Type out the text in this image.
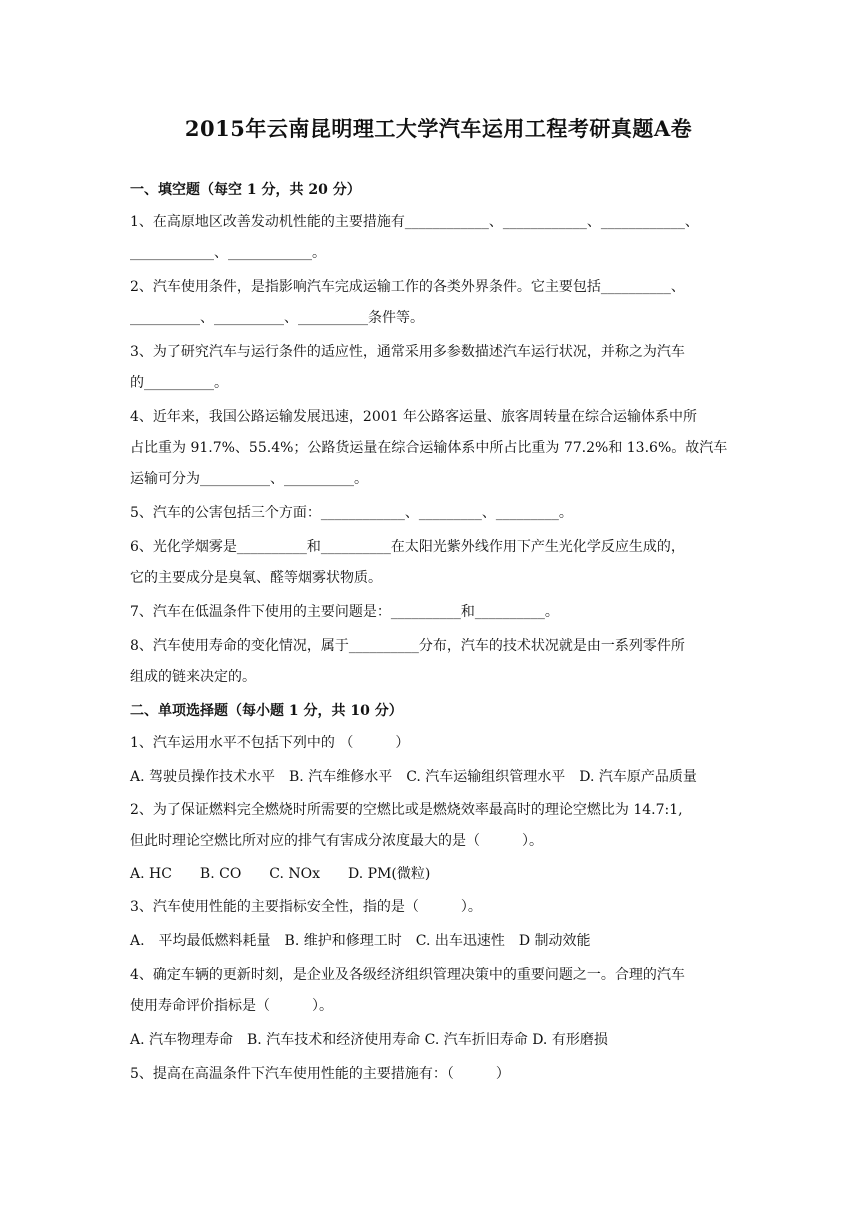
2015年云南昆明理工大学汽车运用工程考研真题A卷
一、填空题（每空 1 分，共 20 分）

1、在高原地区改善发动机性能的主要措施有____________、____________、____________、

____________、____________。

2、汽车使用条件，是指影响汽车完成运输工作的各类外界条件。它主要包括__________、

__________、__________、__________条件等。

3、为了研究汽车与运行条件的适应性，通常采用多参数描述汽车运行状况，并称之为汽车

的__________。

4、近年来，我国公路运输发展迅速，2001 年公路客运量、旅客周转量在综合运输体系中所

占比重为 91.7%、55.4%；公路货运量在综合运输体系中所占比重为 77.2%和 13.6%。故汽车

运输可分为__________、__________。

5、汽车的公害包括三个方面：____________、_________、_________。

6、光化学烟雾是__________和__________在太阳光紫外线作用下产生光化学反应生成的，

它的主要成分是臭氧、醛等烟雾状物质。

7、汽车在低温条件下使用的主要问题是：__________和__________。

8、汽车使用寿命的变化情况，属于__________分布，汽车的技术状况就是由一系列零件所

组成的链来决定的。

二、单项选择题（每小题 1 分，共 10 分）

1、汽车运用水平不包括下列中的 （　　　）

A. 驾驶员操作技术水平　B. 汽车维修水平　C. 汽车运输组织管理水平　D. 汽车原产品质量

2、为了保证燃料完全燃烧时所需要的空燃比或是燃烧效率最高时的理论空燃比为 14.7:1,

但此时理论空燃比所对应的排气有害成分浓度最大的是（　　　）。

A. HC　　B. CO　　C. NOx　　D. PM(微粒)

3、汽车使用性能的主要指标安全性，指的是（　　　）。

A.　平均最低燃料耗量　B. 维护和修理工时　C. 出车迅速性　D 制动效能

4、确定车辆的更新时刻，是企业及各级经济组织管理决策中的重要问题之一。合理的汽车

使用寿命评价指标是（　　　）。

A. 汽车物理寿命　B. 汽车技术和经济使用寿命 C. 汽车折旧寿命 D. 有形磨损

5、提高在高温条件下汽车使用性能的主要措施有：（　　　）
